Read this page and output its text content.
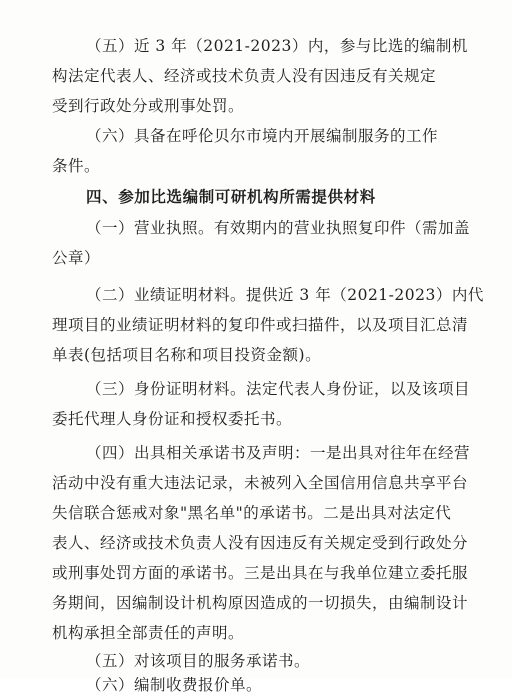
（五）近 3 年（2021-2023）内，参与比选的编制机
构法定代表人、经济或技术负责人没有因违反有关规定
受到行政处分或刑事处罚。
（六）具备在呼伦贝尔市境内开展编制服务的工作
条件。
四、参加比选编制可研机构所需提供材料
（一）营业执照。有效期内的营业执照复印件（需加盖
公章）
（二）业绩证明材料。提供近 3 年（2021-2023）内代
理项目的业绩证明材料的复印件或扫描件，以及项目汇总清
单表(包括项目名称和项目投资金额)。
（三）身份证明材料。法定代表人身份证，以及该项目
委托代理人身份证和授权委托书。
（四）出具相关承诺书及声明：一是出具对往年在经营
活动中没有重大违法记录，未被列入全国信用信息共享平台
失信联合惩戒对象"黑名单"的承诺书。二是出具对法定代
表人、经济或技术负责人没有因违反有关规定受到行政处分
或刑事处罚方面的承诺书。三是出具在与我单位建立委托服
务期间，因编制设计机构原因造成的一切损失，由编制设计
机构承担全部责任的声明。
（五）对该项目的服务承诺书。
（六）编制收费报价单。
